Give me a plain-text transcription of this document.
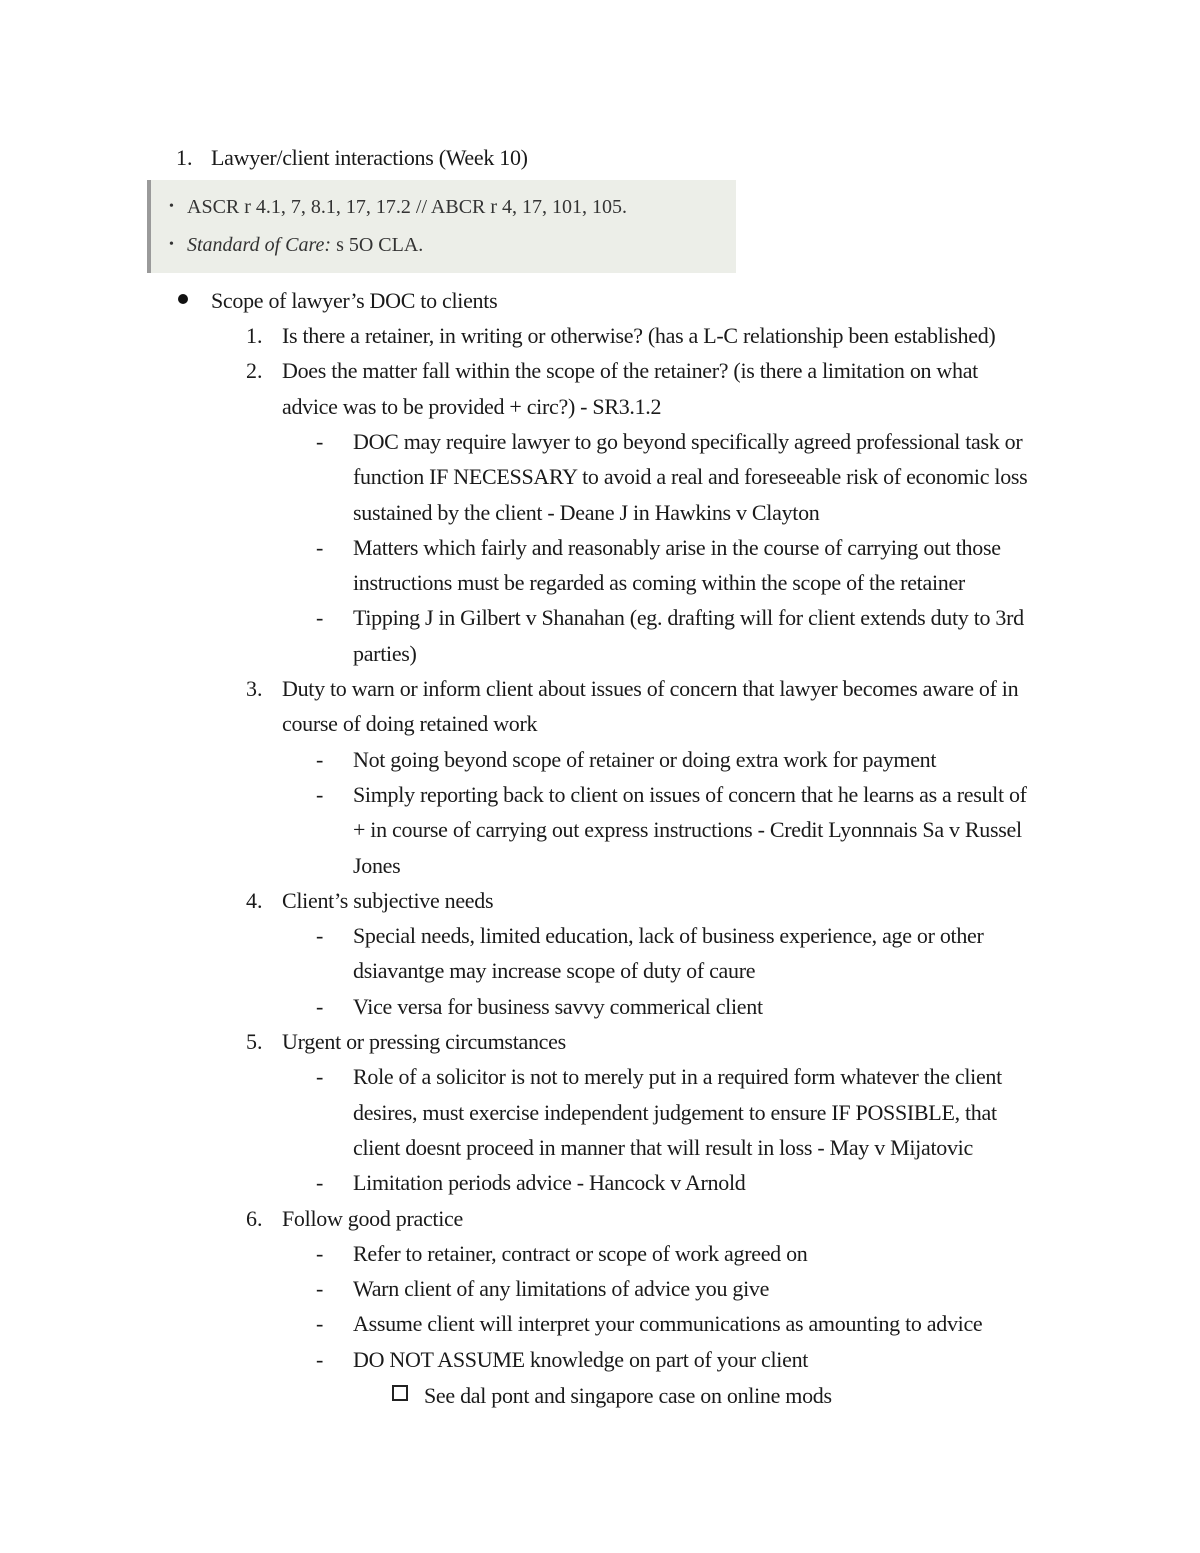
1. Lawyer/client interactions (Week 10)
• ASCR r 4.1, 7, 8.1, 17, 17.2 // ABCR r 4, 17, 101, 105.
• Standard of Care: s 5O CLA.
Scope of lawyer’s DOC to clients
1. Is there a retainer, in writing or otherwise? (has a L-C relationship been established)
2. Does the matter fall within the scope of the retainer? (is there a limitation on what
advice was to be provided + circ?) - SR3.1.2
- DOC may require lawyer to go beyond specifically agreed professional task or
function IF NECESSARY to avoid a real and foreseeable risk of economic loss
sustained by the client - Deane J in Hawkins v Clayton
- Matters which fairly and reasonably arise in the course of carrying out those
instructions must be regarded as coming within the scope of the retainer
- Tipping J in Gilbert v Shanahan (eg. drafting will for client extends duty to 3rd
parties)
3. Duty to warn or inform client about issues of concern that lawyer becomes aware of in
course of doing retained work
- Not going beyond scope of retainer or doing extra work for payment
- Simply reporting back to client on issues of concern that he learns as a result of
+ in course of carrying out express instructions - Credit Lyonnnais Sa v Russel
Jones
4. Client’s subjective needs
- Special needs, limited education, lack of business experience, age or other
dsiavantge may increase scope of duty of caure
- Vice versa for business savvy commerical client
5. Urgent or pressing circumstances
- Role of a solicitor is not to merely put in a required form whatever the client
desires, must exercise independent judgement to ensure IF POSSIBLE, that
client doesnt proceed in manner that will result in loss - May v Mijatovic
- Limitation periods advice - Hancock v Arnold
6. Follow good practice
- Refer to retainer, contract or scope of work agreed on
- Warn client of any limitations of advice you give
- Assume client will interpret your communications as amounting to advice
- DO NOT ASSUME knowledge on part of your client
See dal pont and singapore case on online mods
